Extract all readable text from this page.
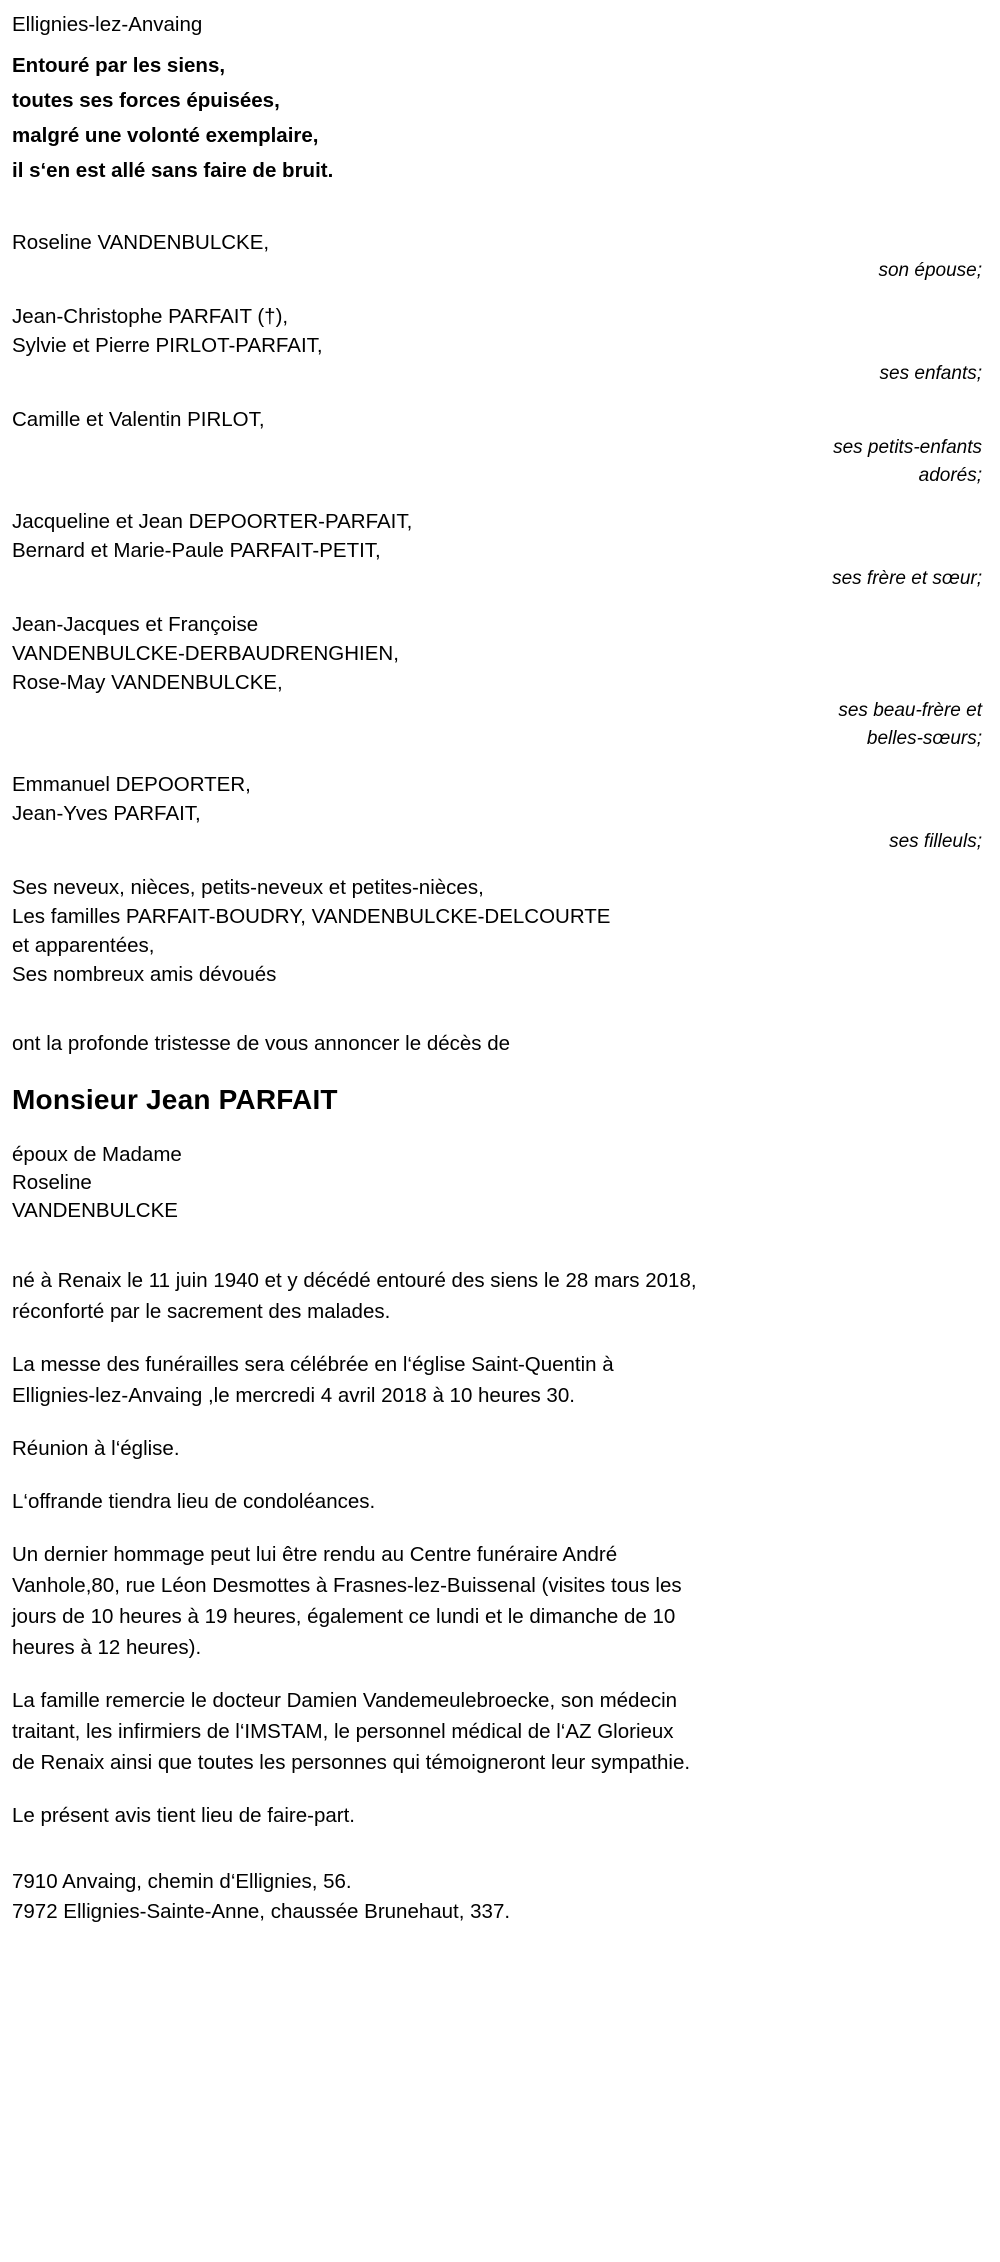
Ellignies-lez-Anvaing
Entouré par les siens,
toutes ses forces épuisées,
malgré une volonté exemplaire,
il s‘en est allé sans faire de bruit.
Roseline VANDENBULCKE,
son épouse;
Jean-Christophe PARFAIT (†),
Sylvie et Pierre PIRLOT-PARFAIT,
ses enfants;
Camille et Valentin PIRLOT,
ses petits-enfants
adorés;
Jacqueline et Jean DEPOORTER-PARFAIT,
Bernard et Marie-Paule PARFAIT-PETIT,
ses frère et sœur;
Jean-Jacques et Françoise
VANDENBULCKE-DERBAUDRENGHIEN,
Rose-May VANDENBULCKE,
ses beau-frère et
belles-sœurs;
Emmanuel DEPOORTER,
Jean-Yves PARFAIT,
ses filleuls;
Ses neveux, nièces, petits-neveux et petites-nièces,
Les familles PARFAIT-BOUDRY, VANDENBULCKE-DELCOURTE
et apparentées,
Ses nombreux amis dévoués
ont la profonde tristesse de vous annoncer le décès de
Monsieur Jean PARFAIT
époux de Madame
Roseline
VANDENBULCKE

né à Renaix le 11 juin 1940 et y décédé entouré des siens le 28 mars 2018, réconforté par le sacrement des malades.

La messe des funérailles sera célébrée en l‘église Saint-Quentin à Ellignies-lez-Anvaing ,le mercredi 4 avril 2018 à 10 heures 30.

Réunion à l‘église.

L‘offrande tiendra lieu de condoléances.

Un dernier hommage peut lui être rendu au Centre funéraire André Vanhole,80, rue Léon Desmottes à Frasnes-lez-Buissenal (visites tous les jours de 10 heures à 19 heures, également ce lundi et le dimanche de 10 heures à 12 heures).

La famille remercie le docteur Damien Vandemeulebroecke, son médecin traitant, les infirmiers de l‘IMSTAM, le personnel médical de l‘AZ Glorieux de Renaix ainsi que toutes les personnes qui témoigneront leur sympathie.

Le présent avis tient lieu de faire-part.

7910 Anvaing, chemin d‘Ellignies, 56.
7972 Ellignies-Sainte-Anne, chaussée Brunehaut, 337.
